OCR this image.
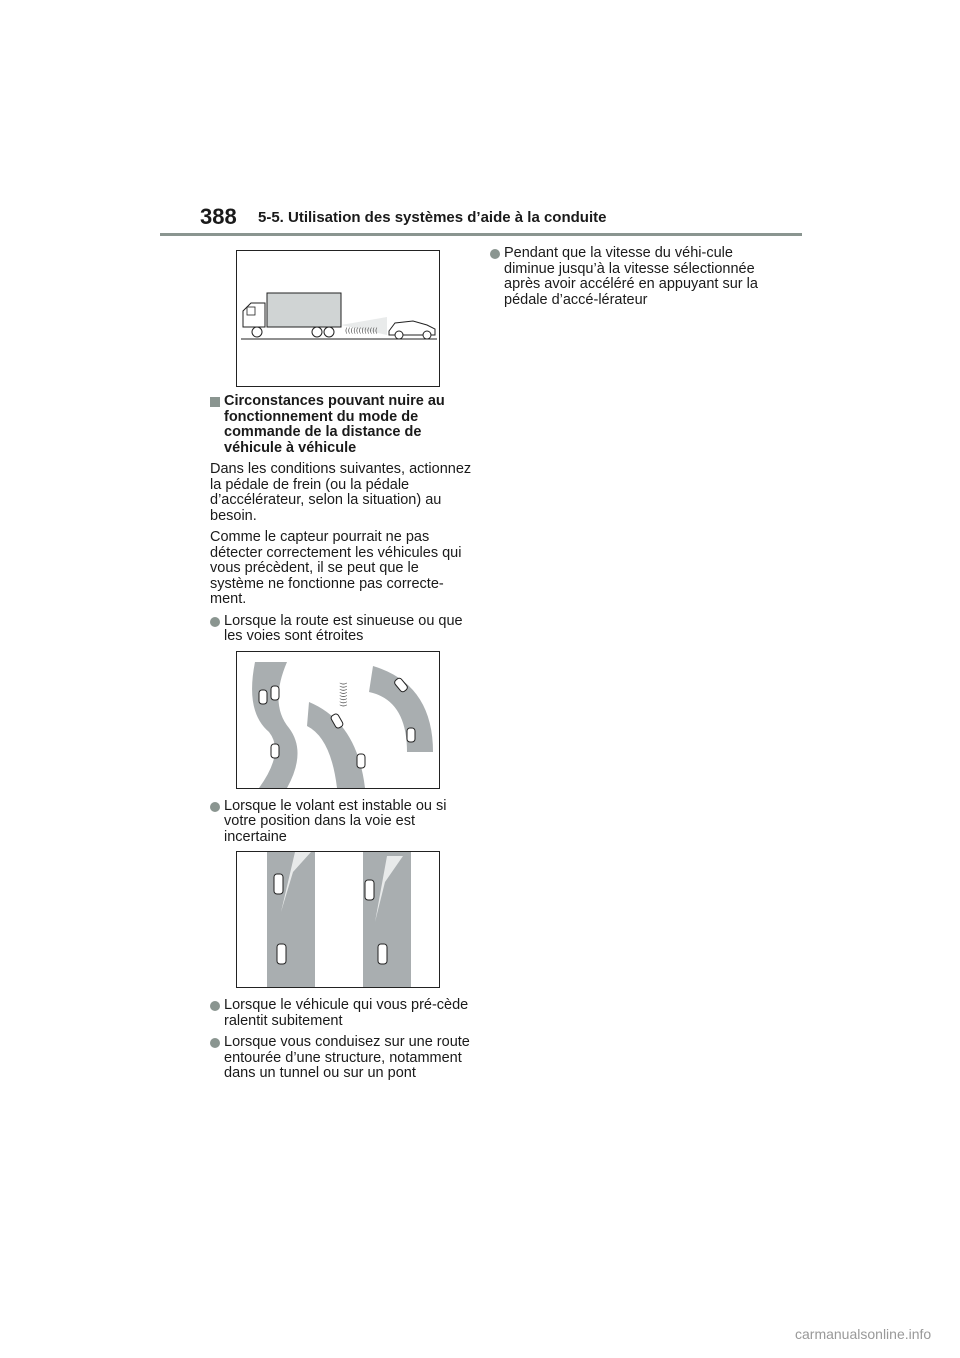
388 5-5. Utilisation des systèmes d’aide à la conduite
((((((((((((
Circonstances pouvant nuire au fonctionnement du mode de commande de la distance de véhicule à véhicule

Dans les conditions suivantes, actionnez la pédale de frein (ou la pédale d’accélérateur, selon la situation) au besoin.

Comme le capteur pourrait ne pas détecter correctement les véhicules qui vous précèdent, il se peut que le système ne fonctionne pas correcte-ment.

Lorsque la route est sinueuse ou que les voies sont étroites
))))))))
Lorsque le volant est instable ou si votre position dans la voie est incertaine
Lorsque le véhicule qui vous pré-cède ralentit subitement
Lorsque vous conduisez sur une route entourée d’une structure, notamment dans un tunnel ou sur un pont
Pendant que la vitesse du véhi-cule diminue jusqu’à la vitesse sélectionnée après avoir accéléré en appuyant sur la pédale d’accé-lérateur
carmanualsonline.info
